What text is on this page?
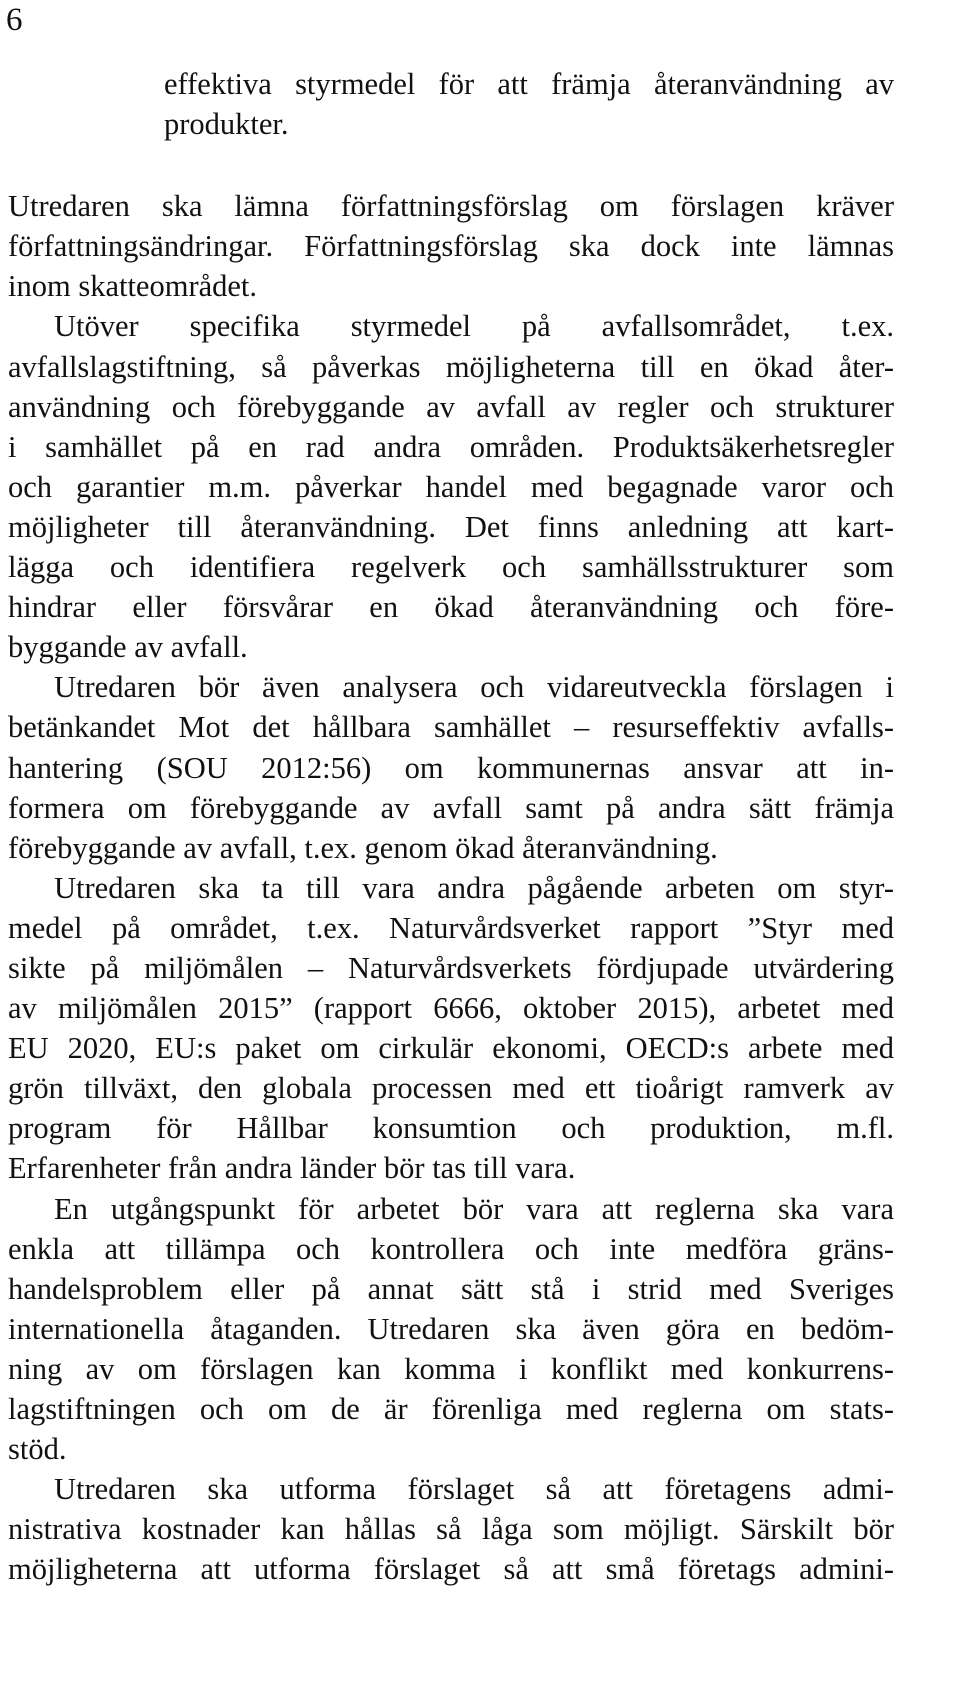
6
effektiva styrmedel för att främja återanvändning av
produkter.
Utredaren ska lämna författningsförslag om förslagen kräver
författningsändringar. Författningsförslag ska dock inte lämnas
inom skatteområdet.
Utöver specifika styrmedel på avfallsområdet, t.ex.
avfallslagstiftning, så påverkas möjligheterna till en ökad åter-
användning och förebyggande av avfall av regler och strukturer
i samhället på en rad andra områden. Produktsäkerhetsregler
och garantier m.m. påverkar handel med begagnade varor och
möjligheter till återanvändning. Det finns anledning att kart-
lägga och identifiera regelverk och samhällsstrukturer som
hindrar eller försvårar en ökad återanvändning och före-
byggande av avfall.
Utredaren bör även analysera och vidareutveckla förslagen i
betänkandet Mot det hållbara samhället – resurseffektiv avfalls-
hantering (SOU 2012:56) om kommunernas ansvar att in-
formera om förebyggande av avfall samt på andra sätt främja
förebyggande av avfall, t.ex. genom ökad återanvändning.
Utredaren ska ta till vara andra pågående arbeten om styr-
medel på området, t.ex. Naturvårdsverket rapport ”Styr med
sikte på miljömålen – Naturvårdsverkets fördjupade utvärdering
av miljömålen 2015” (rapport 6666, oktober 2015), arbetet med
EU 2020, EU:s paket om cirkulär ekonomi, OECD:s arbete med
grön tillväxt, den globala processen med ett tioårigt ramverk av
program för Hållbar konsumtion och produktion, m.fl.
Erfarenheter från andra länder bör tas till vara.
En utgångspunkt för arbetet bör vara att reglerna ska vara
enkla att tillämpa och kontrollera och inte medföra gräns-
handelsproblem eller på annat sätt stå i strid med Sveriges
internationella åtaganden. Utredaren ska även göra en bedöm-
ning av om förslagen kan komma i konflikt med konkurrens-
lagstiftningen och om de är förenliga med reglerna om stats-
stöd.
Utredaren ska utforma förslaget så att företagens admi-
nistrativa kostnader kan hållas så låga som möjligt. Särskilt bör
möjligheterna att utforma förslaget så att små företags admini-
